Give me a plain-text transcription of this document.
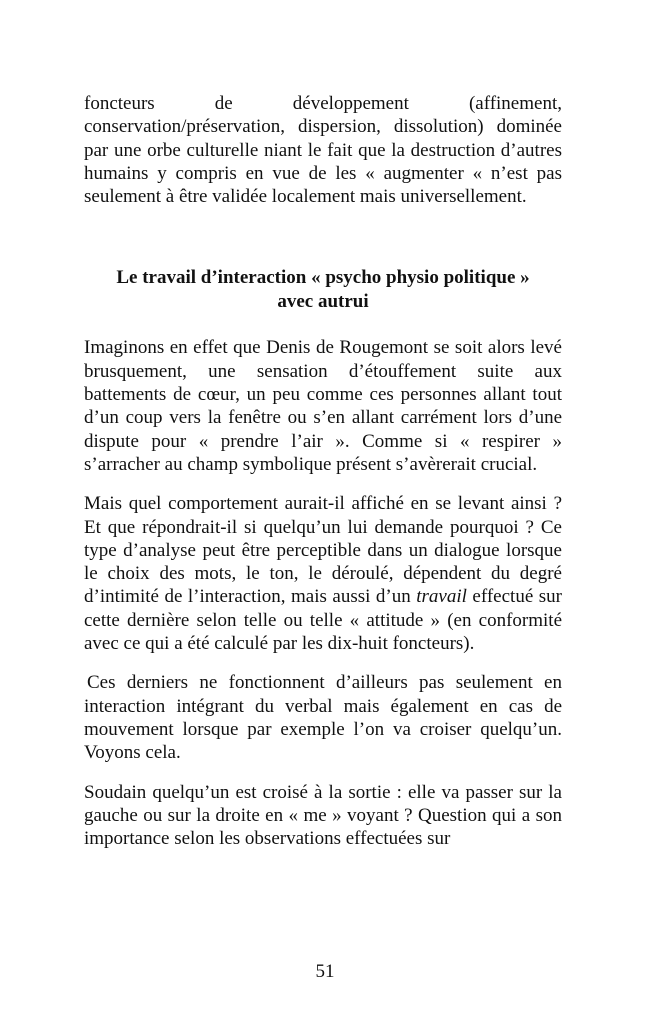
foncteurs de développement (affinement, conservation/préservation, dispersion, dissolution) dominée par une orbe culturelle niant le fait que la destruction d’autres humains y compris en vue de les « augmenter « n’est pas seulement à être validée localement mais universellement.

Le travail d’interaction « psycho physio politique »
avec autrui

Imaginons en effet que Denis de Rougemont se soit alors levé brusquement, une sensation d’étouffement suite aux battements de cœur, un peu comme ces personnes allant tout d’un coup vers la fenêtre ou s’en allant carrément lors d’une dispute pour « prendre l’air ». Comme si « respirer » s’arracher au champ symbolique présent s’avèrerait crucial.

Mais quel comportement aurait-il affiché en se levant ainsi ? Et que répondrait-il si quelqu’un lui demande pourquoi ? Ce type d’analyse peut être perceptible dans un dialogue lorsque le choix des mots, le ton, le déroulé, dépendent du degré d’intimité de l’interaction, mais aussi d’un travail effectué sur cette dernière selon telle ou telle « attitude » (en conformité avec ce qui a été calculé par les dix-huit foncteurs).

Ces derniers ne fonctionnent d’ailleurs pas seulement en interaction intégrant du verbal mais également en cas de mouvement lorsque par exemple l’on va croiser quelqu’un. Voyons cela.

Soudain quelqu’un est croisé à la sortie : elle va passer sur la gauche ou sur la droite en « me » voyant ? Question qui a son importance selon les observations effectuées sur

51
